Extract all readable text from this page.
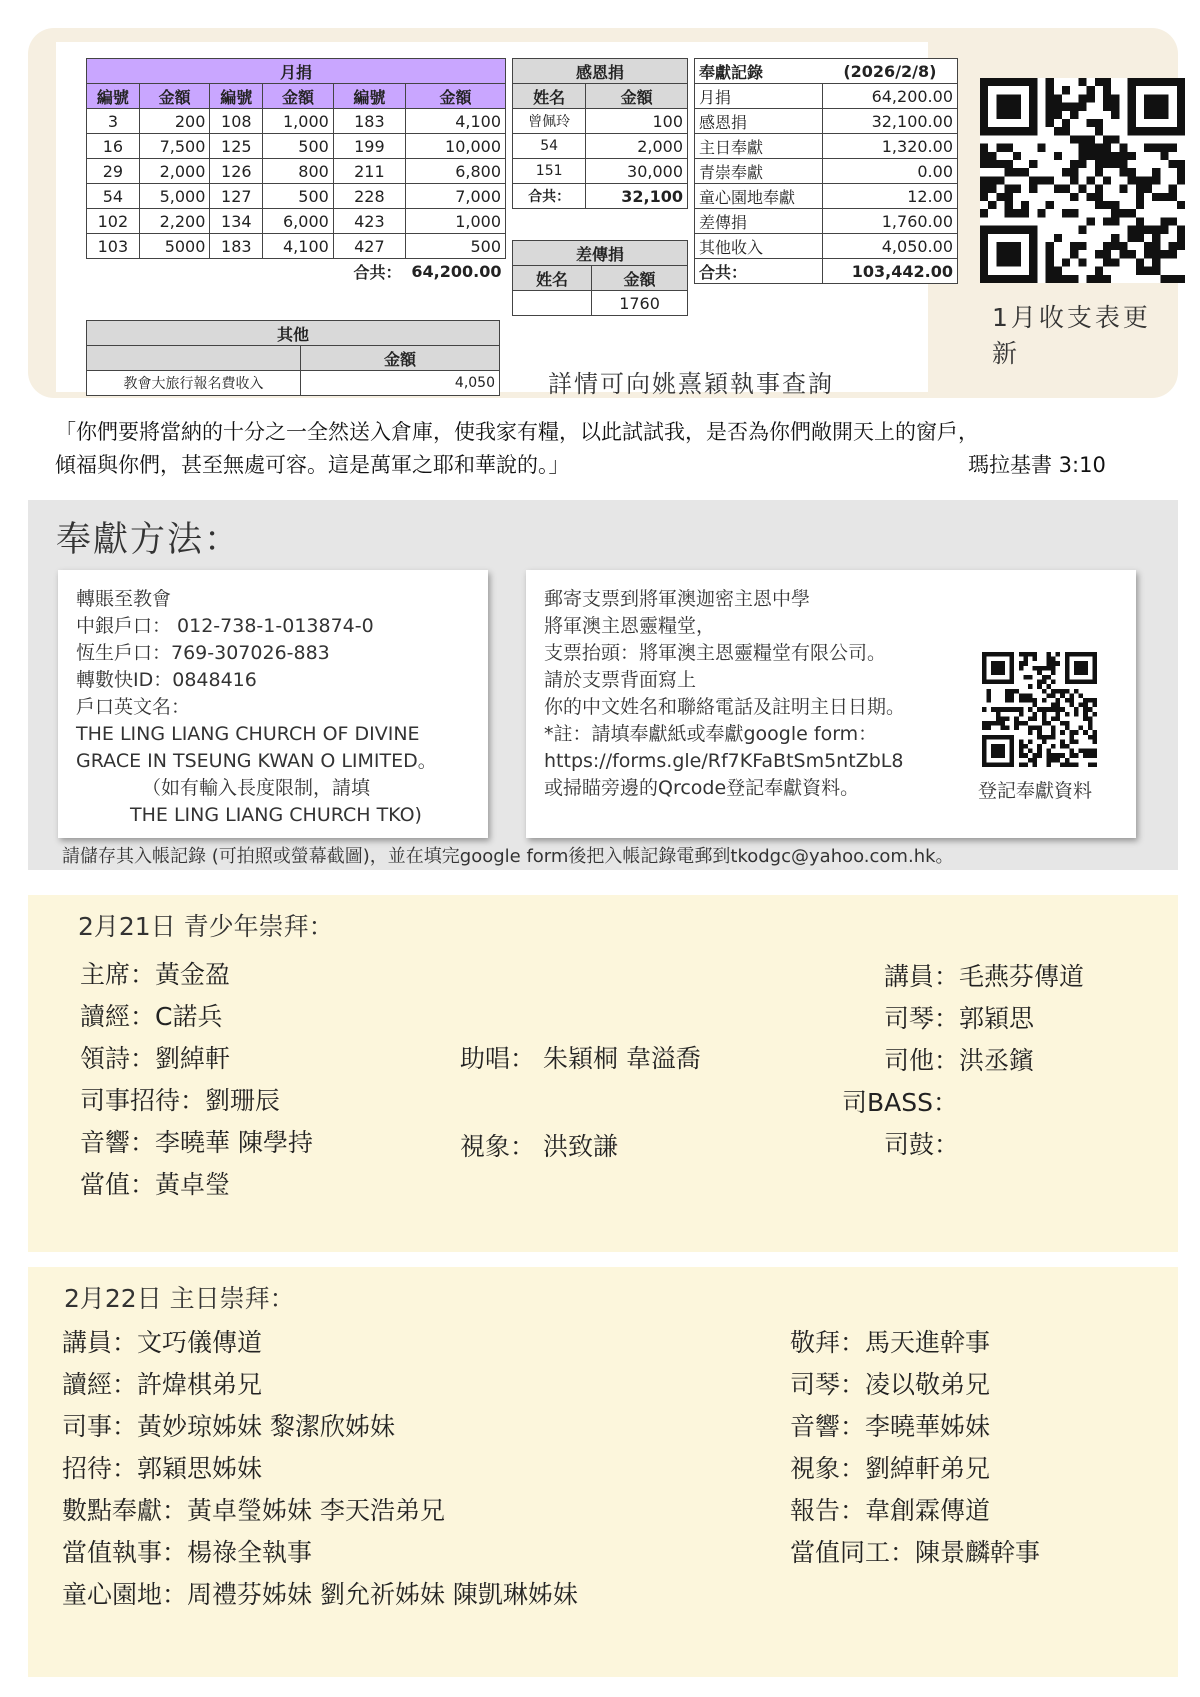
月捐					
編號	金額	編號	金額	編號	金額
3	200	108	1,000	183	4,100
16	7,500	125	500	199	10,000
29	2,000	126	800	211	6,800
54	5,000	127	500	228	7,000
102	2,200	134	6,000	423	1,000
103	5000	183	4,100	427	500
				合共：	64,200.00
感恩捐	
姓名	金額
曾佩玲	100
54	2,000
151	30,000
合共：	32,100
差傳捐	
姓名	金額
	1760
奉獻記錄	(2026/2/8)
月捐	64,200.00
感恩捐	32,100.00
主日奉獻	1,320.00
青崇奉獻	0.00
童心園地奉獻	12.00
差傳捐	1,760.00
其他收入	4,050.00
合共：	103,442.00
其他	
	金額
教會大旅行報名費收入	4,050 詳情可向姚熹穎執事查詢
1月收支表更新
「你們要將當納的十分之一全然送入倉庫，使我家有糧，以此試試我，是否為你們敞開天上的窗戶，
傾福與你們，甚至無處可容。這是萬軍之耶和華說的。」	瑪拉基書 3:10
奉獻方法：
轉賬至教會
中銀戶口： 012-738-1-013874-0
恆生戶口：769-307026-883
轉數快ID：0848416
戶口英文名：
THE LING LIANG CHURCH OF DIVINE
GRACE IN TSEUNG KWAN O LIMITED。
（如有輸入長度限制，請填
THE LING LIANG CHURCH TKO)
郵寄支票到將軍澳迦密主恩中學
將軍澳主恩靈糧堂，
支票抬頭：將軍澳主恩靈糧堂有限公司。
請於支票背面寫上
你的中文姓名和聯絡電話及註明主日日期。
*註：請填奉獻紙或奉獻google form：
https://forms.gle/Rf7KFaBtSm5ntZbL8
或掃瞄旁邊的Qrcode登記奉獻資料。	登記奉獻資料
請儲存其入帳記錄 (可拍照或螢幕截圖)，並在填完google form後把入帳記錄電郵到tkodgc@yahoo.com.hk。
2月21日 青少年崇拜：
主席：黃金盈
讀經：C諾兵
領詩：劉綽軒
司事招待：劉珊辰
音響：李曉華 陳學持
當值：黃卓瑩
助唱： 朱穎桐 韋溢喬
視象： 洪致謙
講員：毛燕芬傳道
司琴：郭穎思
司他：洪丞鑌
司BASS：
司鼓：
2月22日 主日崇拜：
講員：文巧儀傳道
讀經：許煒棋弟兄
司事：黃妙琼姊妹 黎潔欣姊妹
招待：郭穎思姊妹
數點奉獻：黃卓瑩姊妹 李天浩弟兄
當值執事：楊祿全執事
童心園地：周禮芬姊妹 劉允祈姊妹 陳凱琳姊妹
敬拜：馬天進幹事
司琴：凌以敬弟兄
音響：李曉華姊妹
視象：劉綽軒弟兄
報告：韋創霖傳道
當值同工：陳景麟幹事
